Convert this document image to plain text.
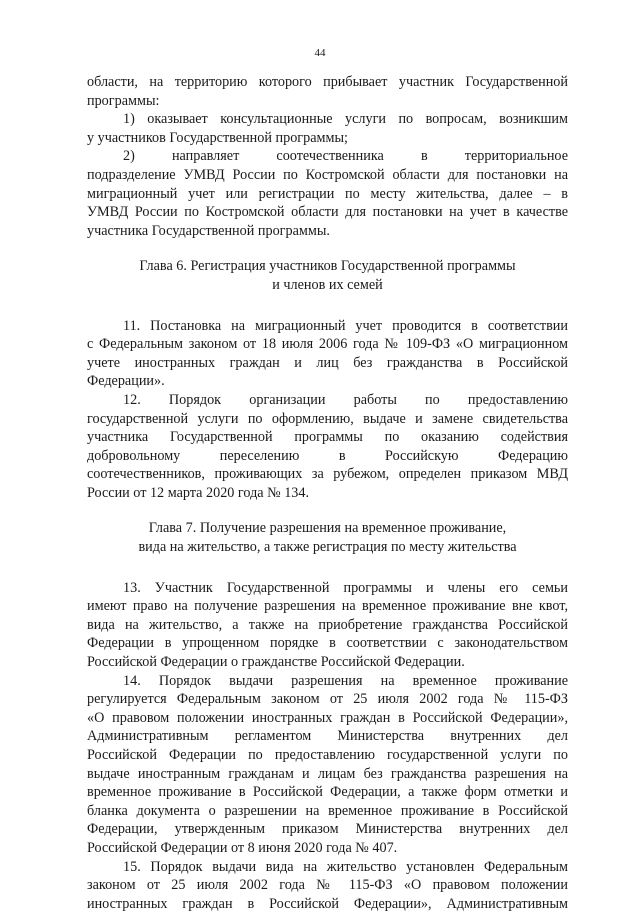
44
области, на территорию которого прибывает участник Государственной
программы:
1) оказывает консультационные услуги по вопросам, возникшим
у участников Государственной программы;
2) направляет соотечественника в территориальное
подразделение УМВД России по Костромской области для постановки на
миграционный учет или регистрации по месту жительства, далее – в
УМВД России по Костромской области для постановки на учет в качестве
участника Государственной программы.
Глава 6. Регистрация участников Государственной программы
и членов их семей
11. Постановка на миграционный учет проводится в соответствии
с Федеральным законом от 18 июля 2006 года № 109-ФЗ «О миграционном
учете иностранных граждан и лиц без гражданства в Российской
Федерации».
12. Порядок организации работы по предоставлению
государственной услуги по оформлению, выдаче и замене свидетельства
участника Государственной программы по оказанию содействия
добровольному переселению в Российскую Федерацию
соотечественников, проживающих за рубежом, определен приказом МВД
России от 12 марта 2020 года № 134.
Глава 7. Получение разрешения на временное проживание,
вида на жительство, а также регистрация по месту жительства
13. Участник Государственной программы и члены его семьи
имеют право на получение разрешения на временное проживание вне квот,
вида на жительство, а также на приобретение гражданства Российской
Федерации в упрощенном порядке в соответствии с законодательством
Российской Федерации о гражданстве Российской Федерации.
14. Порядок выдачи разрешения на временное проживание
регулируется Федеральным законом от 25 июля 2002 года № 115-ФЗ
«О правовом положении иностранных граждан в Российской Федерации»,
Административным регламентом Министерства внутренних дел
Российской Федерации по предоставлению государственной услуги по
выдаче иностранным гражданам и лицам без гражданства разрешения на
временное проживание в Российской Федерации, а также форм отметки и
бланка документа о разрешении на временное проживание в Российской
Федерации, утвержденным приказом Министерства внутренних дел
Российской Федерации от 8 июня 2020 года № 407.
15. Порядок выдачи вида на жительство установлен Федеральным
законом от 25 июля 2002 года № 115-ФЗ «О правовом положении
иностранных граждан в Российской Федерации», Административным
